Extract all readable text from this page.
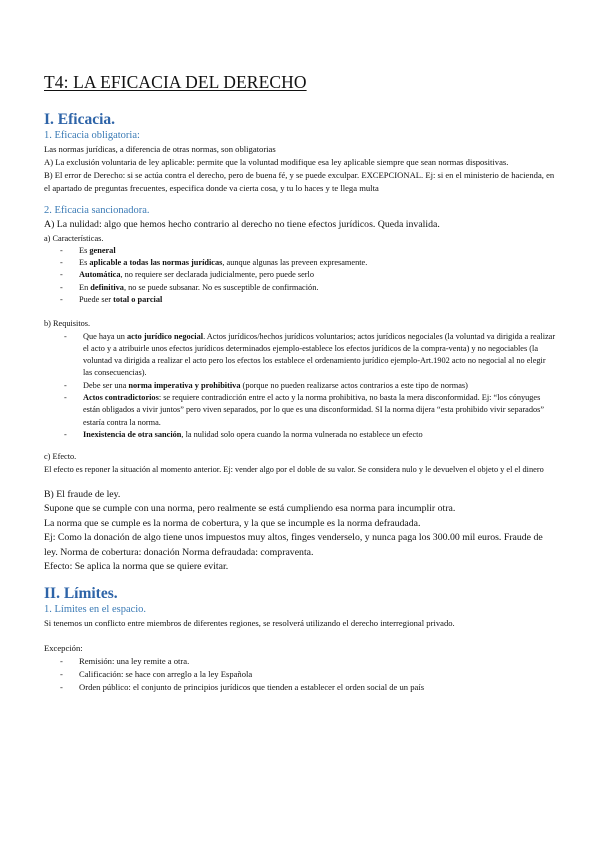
T4: LA EFICACIA DEL DERECHO
I. Eficacia.
1. Eficacia obligatoria:

Las normas jurídicas, a diferencia de otras normas, son obligatorias

A) La exclusión voluntaria de ley aplicable: permite que la voluntad modifique esa ley aplicable siempre que sean normas dispositivas.

B) El error de Derecho: si se actúa contra el derecho, pero de buena fé, y se puede exculpar. EXCEPCIONAL. Ej: si en el ministerio de hacienda, en el apartado de preguntas frecuentes, especifica donde va cierta cosa, y tu lo haces y te llega multa

2. Eficacia sancionadora.

A) La nulidad: algo que hemos hecho contrario al derecho no tiene efectos jurídicos. Queda invalida.

a) Características.

- Es general
- Es aplicable a todas las normas jurídicas, aunque algunas las preveen expresamente.
- Automática, no requiere ser declarada judicialmente, pero puede serlo
- En definitiva, no se puede subsanar. No es susceptible de confirmación.
- Puede ser total o parcial

b) Requisitos.

- Que haya un acto jurídico negocial. Actos jurídicos/hechos jurídicos voluntarios; actos jurídicos negociales (la voluntad va dirigida a realizar el acto y a atribuirle unos efectos jurídicos determinados ejemplo-establece los efectos jurídicos de la compra-venta) y no negociables (la voluntad va dirigida a realizar el acto pero los efectos los establece el ordenamiento jurídico ejemplo-Art.1902 acto no negocial al no elegir las consecuencias).
- Debe ser una norma imperativa y prohibitiva (porque no pueden realizarse actos contrarios a este tipo de normas)
- Actos contradictorios: se requiere contradicción entre el acto y la norma prohibitiva, no basta la mera disconformidad. Ej: “los cónyuges están obligados a vivir juntos” pero viven separados, por lo que es una disconformidad. SI la norma dijera “esta prohibido vivir separados” estaría contra la norma.
- Inexistencia de otra sanción, la nulidad solo opera cuando la norma vulnerada no establece un efecto

c) Efecto.

El efecto es reponer la situación al momento anterior. Ej: vender algo por el doble de su valor. Se considera nulo y le devuelven el objeto y el el dinero

B) El fraude de ley.

Supone que se cumple con una norma, pero realmente se está cumpliendo esa norma para incumplir otra.

La norma que se cumple es la norma de cobertura, y la que se incumple es la norma defraudada.

Ej: Como la donación de algo tiene unos impuestos muy altos, finges venderselo, y nunca paga los 300.00 mil euros. Fraude de ley. Norma de cobertura: donación Norma defraudada: compraventa.

Efecto: Se aplica la norma que se quiere evitar.

II. Límites.
1. Límites en el espacio.

Si tenemos un conflicto entre miembros de diferentes regiones, se resolverá utilizando el derecho interregional privado.

Excepción:

- Remisión: una ley remite a otra.
- Calificación: se hace con arreglo a la ley Española
- Orden público: el conjunto de principios jurídicos que tienden a establecer el orden social de un país
